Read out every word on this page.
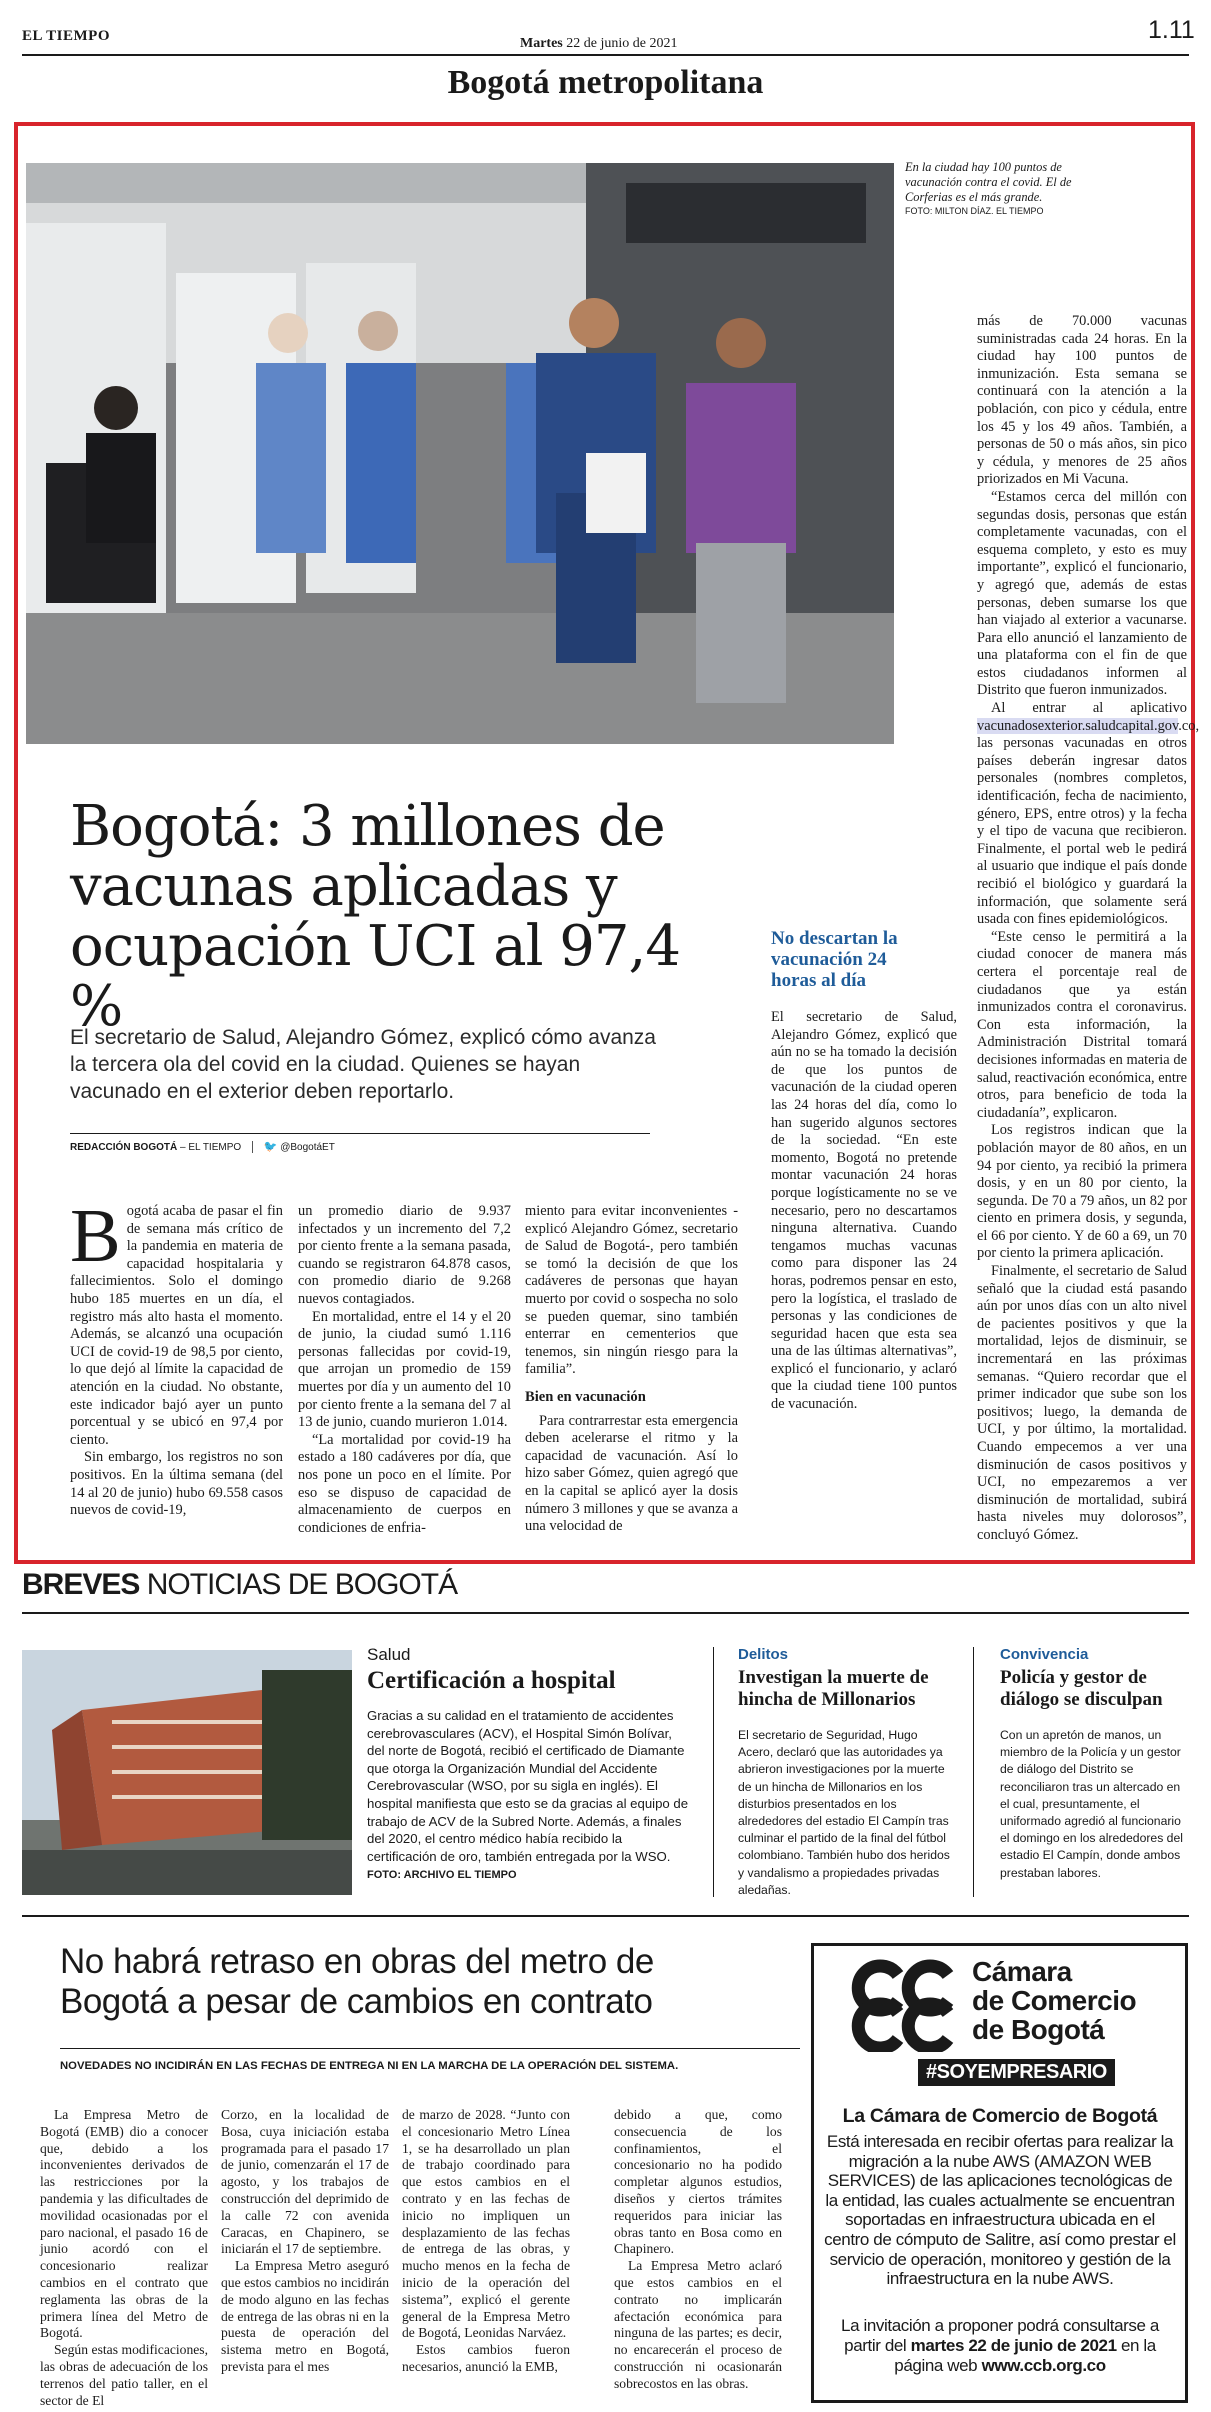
EL TIEMPO	Martes 22 de junio de 2021	1.11
Bogotá metropolitana
En la ciudad hay 100 puntos de vacunación contra el covid. El de Corferias es el más grande.
FOTO: MILTON DÍAZ. EL TIEMPO
Bogotá: 3 millones de vacunas aplicadas y ocupación UCI al 97,4 %
El secretario de Salud, Alejandro Gómez, explicó cómo avanza la tercera ola del covid en la ciudad. Quienes se hayan vacunado en el exterior deben reportarlo.
REDACCIÓN BOGOTÁ – EL TIEMPO 🐦 @BogotáET

Bogotá acaba de pasar el fin de semana más crítico de la pandemia en materia de capacidad hospitalaria y fallecimientos. Solo el domingo hubo 185 muertes en un día, el registro más alto hasta el momento. Además, se alcanzó una ocupación UCI de covid-19 de 98,5 por ciento, lo que dejó al límite la capacidad de atención en la ciudad. No obstante, este indicador bajó ayer un punto porcentual y se ubicó en 97,4 por ciento.

Sin embargo, los registros no son positivos. En la última semana (del 14 al 20 de junio) hubo 69.558 casos nuevos de covid-19,

un promedio diario de 9.937 infectados y un incremento del 7,2 por ciento frente a la semana pasada, cuando se registraron 64.878 casos, con promedio diario de 9.268 nuevos contagiados.

En mortalidad, entre el 14 y el 20 de junio, la ciudad sumó 1.116 personas fallecidas por covid-19, que arrojan un promedio de 159 muertes por día y un aumento del 10 por ciento frente a la semana del 7 al 13 de junio, cuando murieron 1.014.

“La mortalidad por covid-19 ha estado a 180 cadáveres por día, que nos pone un poco en el límite. Por eso se dispuso de capacidad de almacenamiento de cuerpos en condiciones de enfria-

miento para evitar inconvenientes -explicó Alejandro Gómez, secretario de Salud de Bogotá-, pero también se tomó la decisión de que los cadáveres de personas que hayan muerto por covid o sospecha no solo se pueden quemar, sino también enterrar en cementerios que tenemos, sin ningún riesgo para la familia”.

Bien en vacunación

Para contrarrestar esta emergencia deben acelerarse el ritmo y la capacidad de vacunación. Así lo hizo saber Gómez, quien agregó que en la capital se aplicó ayer la dosis número 3 millones y que se avanza a una velocidad de

No descartan la vacunación 24 horas al día

El secretario de Salud, Alejandro Gómez, explicó que aún no se ha tomado la decisión de que los puntos de vacunación de la ciudad operen las 24 horas del día, como lo han sugerido algunos sectores de la sociedad. “En este momento, Bogotá no pretende montar vacunación 24 horas porque logísticamente no se ve necesario, pero no descartamos ninguna alternativa. Cuando tengamos muchas vacunas como para disponer las 24 horas, podremos pensar en esto, pero la logística, el traslado de personas y las condiciones de seguridad hacen que esta sea una de las últimas alternativas”, explicó el funcionario, y aclaró que la ciudad tiene 100 puntos de vacunación.

más de 70.000 vacunas suministradas cada 24 horas. En la ciudad hay 100 puntos de inmunización. Esta semana se continuará con la atención a la población, con pico y cédula, entre los 45 y los 49 años. También, a personas de 50 o más años, sin pico y cédula, y menores de 25 años priorizados en Mi Vacuna.

“Estamos cerca del millón con segundas dosis, personas que están completamente vacunadas, con el esquema completo, y esto es muy importante”, explicó el funcionario, y agregó que, además de estas personas, deben sumarse los que han viajado al exterior a vacunarse. Para ello anunció el lanzamiento de una plataforma con el fin de que estos ciudadanos informen al Distrito que fueron inmunizados.

Al entrar al aplicativo vacunadosexterior.saludcapital.gov.co, las personas vacunadas en otros países deberán ingresar datos personales (nombres completos, identificación, fecha de nacimiento, género, EPS, entre otros) y la fecha y el tipo de vacuna que recibieron. Finalmente, el portal web le pedirá al usuario que indique el país donde recibió el biológico y guardará la información, que solamente será usada con fines epidemiológicos.

“Este censo le permitirá a la ciudad conocer de manera más certera el porcentaje real de ciudadanos que ya están inmunizados contra el coronavirus. Con esta información, la Administración Distrital tomará decisiones informadas en materia de salud, reactivación económica, entre otros, para beneficio de toda la ciudadanía”, explicaron.

Los registros indican que la población mayor de 80 años, en un 94 por ciento, ya recibió la primera dosis, y en un 80 por ciento, la segunda. De 70 a 79 años, un 82 por ciento en primera dosis, y segunda, el 66 por ciento. Y de 60 a 69, un 70 por ciento la primera aplicación.

Finalmente, el secretario de Salud señaló que la ciudad está pasando aún por unos días con un alto nivel de pacientes positivos y que la mortalidad, lejos de disminuir, se incrementará en las próximas semanas. “Quiero recordar que el primer indicador que sube son los positivos; luego, la demanda de UCI, y por último, la mortalidad. Cuando empecemos a ver una disminución de casos positivos y UCI, no empezaremos a ver disminución de mortalidad, subirá hasta niveles muy dolorosos”, concluyó Gómez.

BREVES NOTICIAS DE BOGOTÁ
Salud
Certificación a hospital
Gracias a su calidad en el tratamiento de accidentes cerebrovasculares (ACV), el Hospital Simón Bolívar, del norte de Bogotá, recibió el certificado de Diamante que otorga la Organización Mundial del Accidente Cerebrovascular (WSO, por su sigla en inglés). El hospital manifiesta que esto se da gracias al equipo de trabajo de ACV de la Subred Norte. Además, a finales del 2020, el centro médico había recibido la certificación de oro, también entregada por la WSO. FOTO: ARCHIVO EL TIEMPO
Delitos
Investigan la muerte de hincha de Millonarios
El secretario de Seguridad, Hugo Acero, declaró que las autoridades ya abrieron investigaciones por la muerte de un hincha de Millonarios en los disturbios presentados en los alrededores del estadio El Campín tras culminar el partido de la final del fútbol colombiano. También hubo dos heridos y vandalismo a propiedades privadas aledañas.
Convivencia
Policía y gestor de diálogo se disculpan
Con un apretón de manos, un miembro de la Policía y un gestor de diálogo del Distrito se reconciliaron tras un altercado en el cual, presuntamente, el uniformado agredió al funcionario el domingo en los alrededores del estadio El Campín, donde ambos prestaban labores.
No habrá retraso en obras del metro de Bogotá a pesar de cambios en contrato
NOVEDADES NO INCIDIRÁN EN LAS FECHAS DE ENTREGA NI EN LA MARCHA DE LA OPERACIÓN DEL SISTEMA.

La Empresa Metro de Bogotá (EMB) dio a conocer que, debido a los inconvenientes derivados de las restricciones por la pandemia y las dificultades de movilidad ocasionadas por el paro nacional, el pasado 16 de junio acordó con el concesionario realizar cambios en el contrato que reglamenta las obras de la primera línea del Metro de Bogotá.

Según estas modificaciones, las obras de adecuación de los terrenos del patio taller, en el sector de El

Corzo, en la localidad de Bosa, cuya iniciación estaba programada para el pasado 17 de junio, comenzarán el 17 de agosto, y los trabajos de construcción del deprimido de la calle 72 con avenida Caracas, en Chapinero, se iniciarán el 17 de septiembre.

La Empresa Metro aseguró que estos cambios no incidirán de modo alguno en las fechas de entrega de las obras ni en la puesta de operación del sistema metro en Bogotá, prevista para el mes

de marzo de 2028. “Junto con el concesionario Metro Línea 1, se ha desarrollado un plan de trabajo coordinado para que estos cambios en el contrato y en las fechas de inicio no impliquen un desplazamiento de las fechas de entrega de las obras, y mucho menos en la fecha de inicio de la operación del sistema”, explicó el gerente general de la Empresa Metro de Bogotá, Leonidas Narváez.

Estos cambios fueron necesarios, anunció la EMB,

debido a que, como consecuencia de los confinamientos, el concesionario no ha podido completar algunos estudios, diseños y ciertos trámites requeridos para iniciar las obras tanto en Bosa como en Chapinero.

La Empresa Metro aclaró que estos cambios en el contrato no implicarán afectación económica para ninguna de las partes; es decir, no encarecerán el proceso de construcción ni ocasionarán sobrecostos en las obras.

Cámara
de Comercio
de Bogotá
#SOYEMPRESARIO
La Cámara de Comercio de Bogotá
Está interesada en recibir ofertas para realizar la migración a la nube AWS (AMAZON WEB SERVICES) de las aplicaciones tecnológicas de la entidad, las cuales actualmente se encuentran soportadas en infraestructura ubicada en el centro de cómputo de Salitre, así como prestar el servicio de operación, monitoreo y gestión de la infraestructura en la nube AWS.
La invitación a proponer podrá consultarse a partir del martes 22 de junio de 2021 en la página web www.ccb.org.co
